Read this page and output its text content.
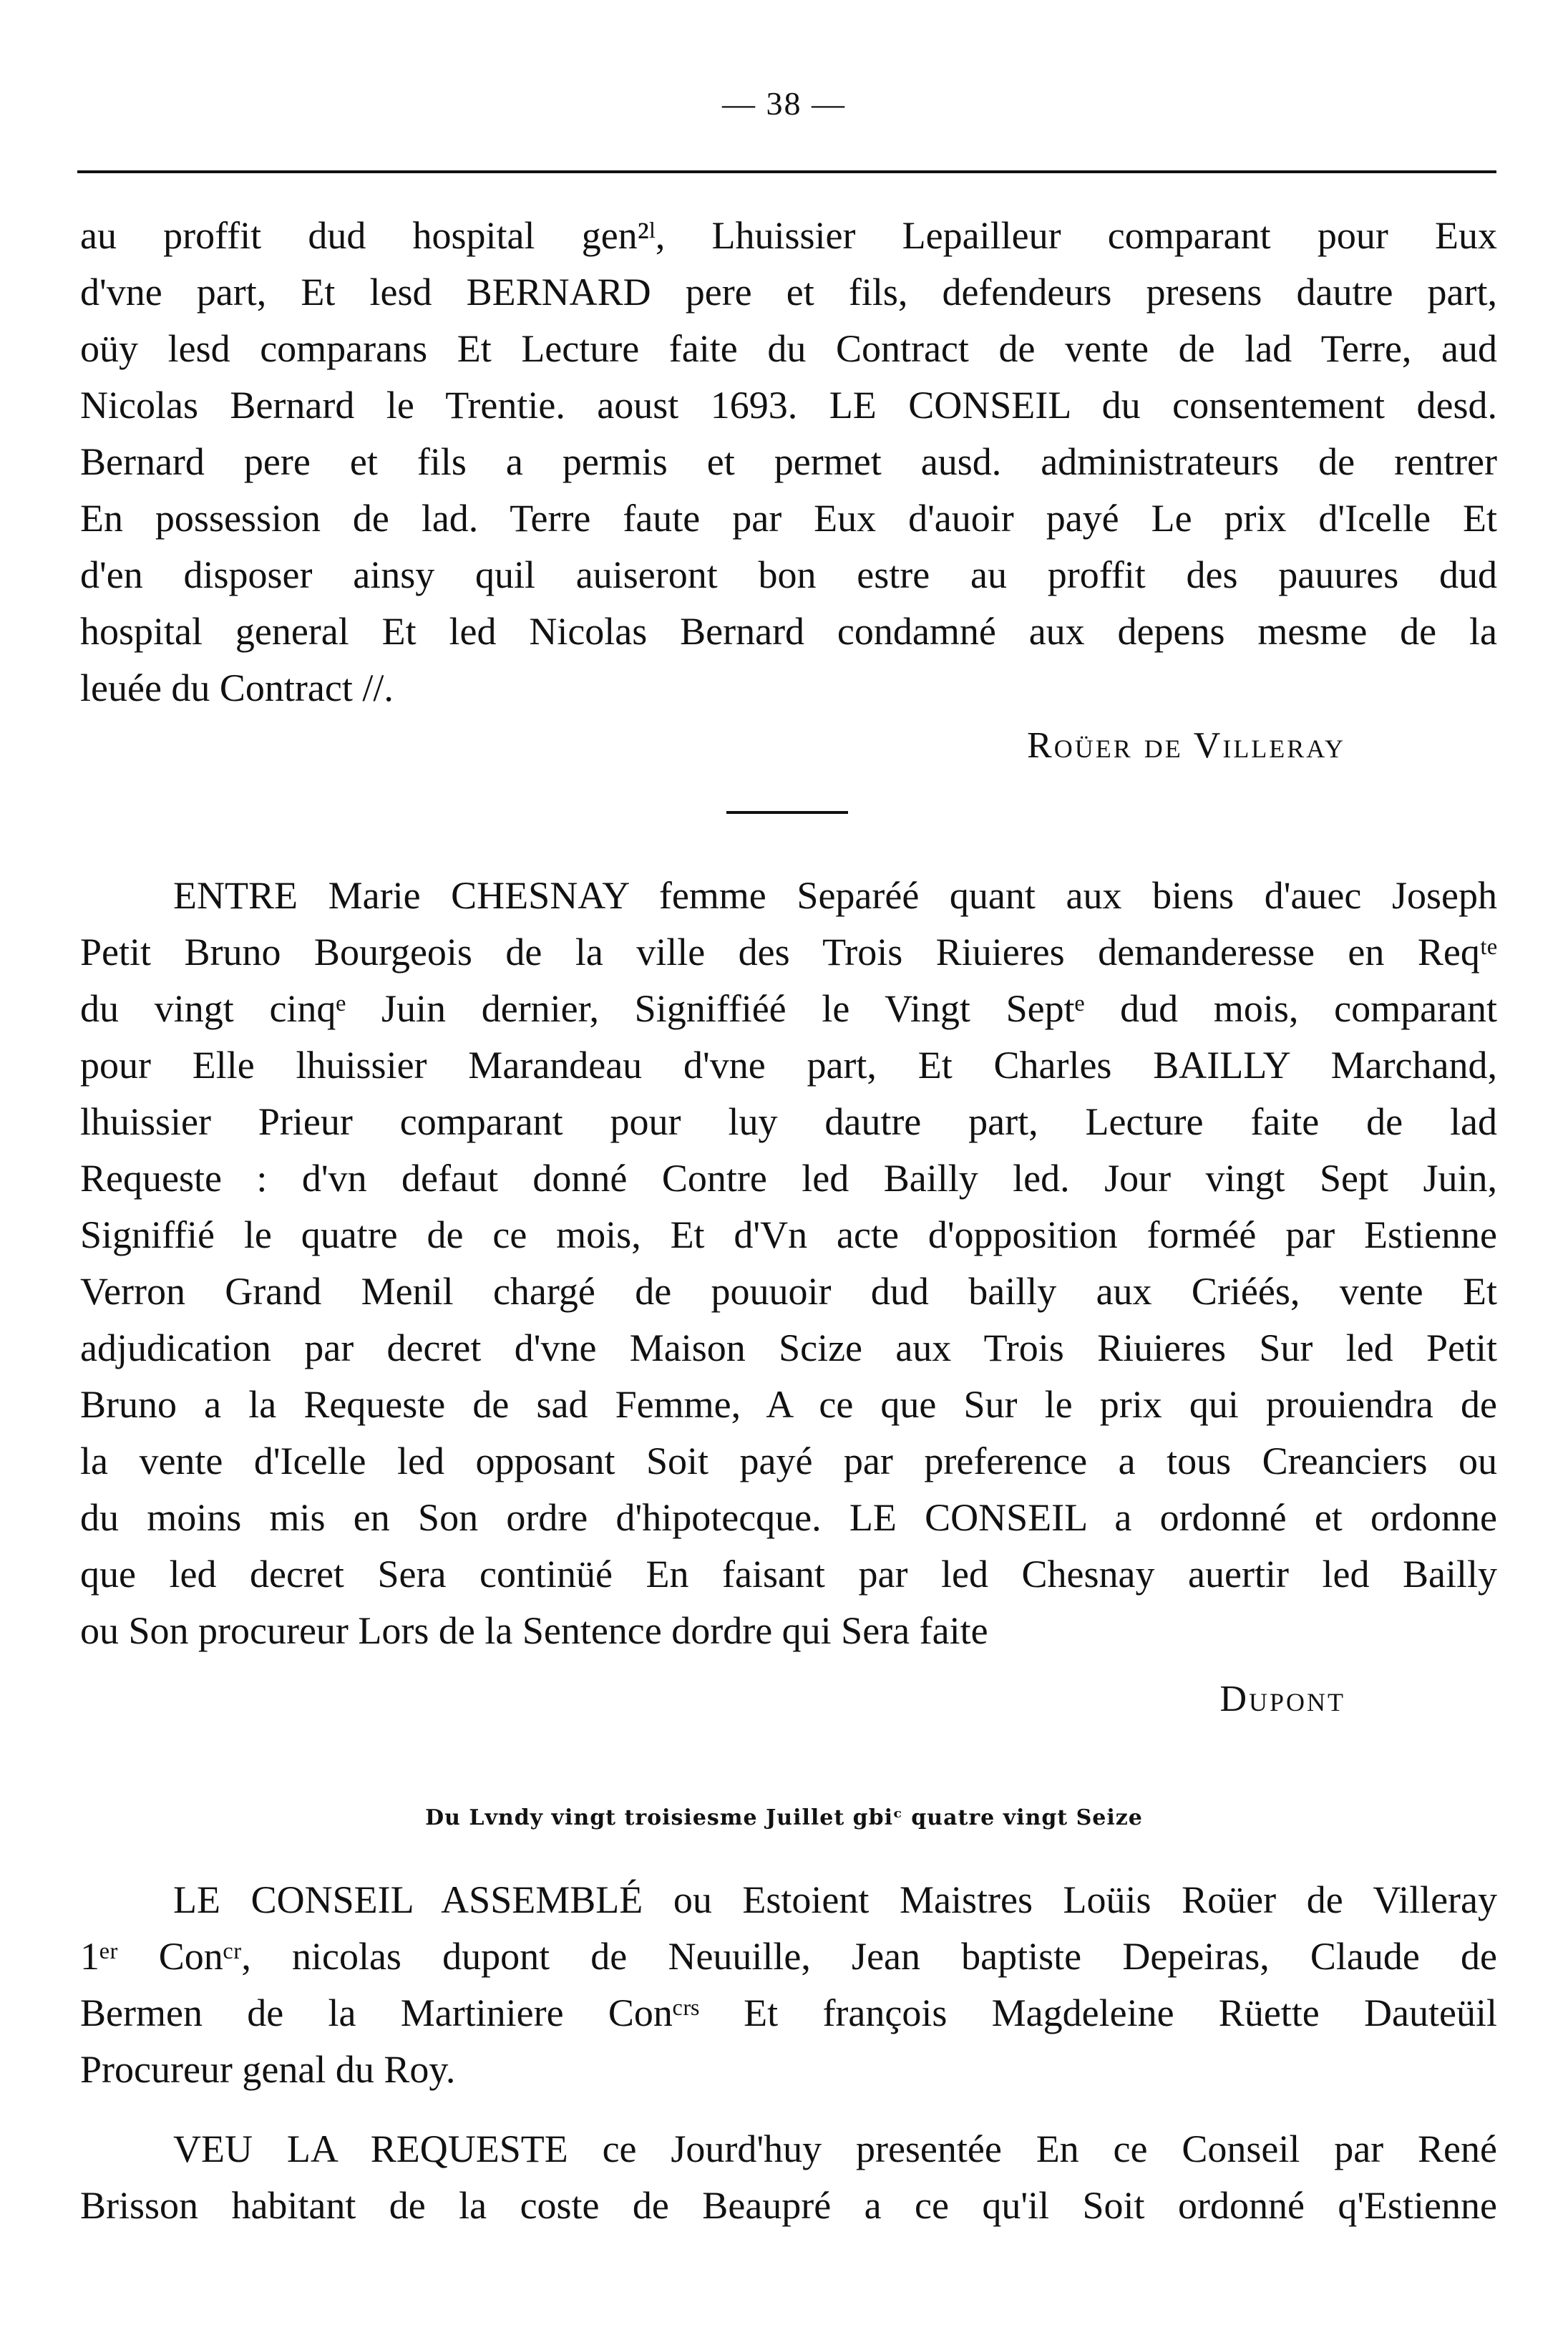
— 38 —
au proffit dud hospital gen²ˡ, Lhuissier Lepailleur comparant pour Eux
d'vne part, Et lesd BERNARD pere et fils, defendeurs presens dautre part,
oüy lesd comparans Et Lecture faite du Contract de vente de lad Terre, aud
Nicolas Bernard le Trentie. aoust 1693. LE CONSEIL du consentement desd.
Bernard pere et fils a permis et permet ausd. administrateurs de rentrer
En possession de lad. Terre faute par Eux d'auoir payé Le prix d'Icelle Et
d'en disposer ainsy quil auiseront bon estre au proffit des pauures dud
hospital general Et led Nicolas Bernard condamné aux depens mesme de la
leuée du Contract //.
Roüer de Villeray
ENTRE Marie CHESNAY femme Separéé quant aux biens d'auec Joseph
Petit Bruno Bourgeois de la ville des Trois Riuieres demanderesse en Reqᵗᵉ
du vingt cinqᵉ Juin dernier, Signiffiéé le Vingt Septᵉ dud mois, comparant
pour Elle lhuissier Marandeau d'vne part, Et Charles BAILLY Marchand,
lhuissier Prieur comparant pour luy dautre part, Lecture faite de lad
Requeste : d'vn defaut donné Contre led Bailly led. Jour vingt Sept Juin,
Signiffié le quatre de ce mois, Et d'Vn acte d'opposition forméé par Estienne
Verron Grand Menil chargé de pouuoir dud bailly aux Criéés, vente Et
adjudication par decret d'vne Maison Scize aux Trois Riuieres Sur led Petit
Bruno a la Requeste de sad Femme, A ce que Sur le prix qui prouiendra de
la vente d'Icelle led opposant Soit payé par preference a tous Creanciers ou
du moins mis en Son ordre d'hipotecque. LE CONSEIL a ordonné et ordonne
que led decret Sera continüé En faisant par led Chesnay auertir led Bailly
ou Son procureur Lors de la Sentence dordre qui Sera faite
Dupont
Du Lvndy vingt troisiesme Juillet gbiᶜ quatre vingt Seize
LE CONSEIL ASSEMBLÉ ou Estoient Maistres Loüis Roüer de Villeray
1ᵉʳ Conᶜʳ, nicolas dupont de Neuuille, Jean baptiste Depeiras, Claude de
Bermen de la Martiniere Conᶜʳˢ Et françois Magdeleine Rüette Dauteüil
Procureur genal du Roy.
VEU LA REQUESTE ce Jourd'huy presentée En ce Conseil par René
Brisson habitant de la coste de Beaupré a ce qu'il Soit ordonné q'Estienne
